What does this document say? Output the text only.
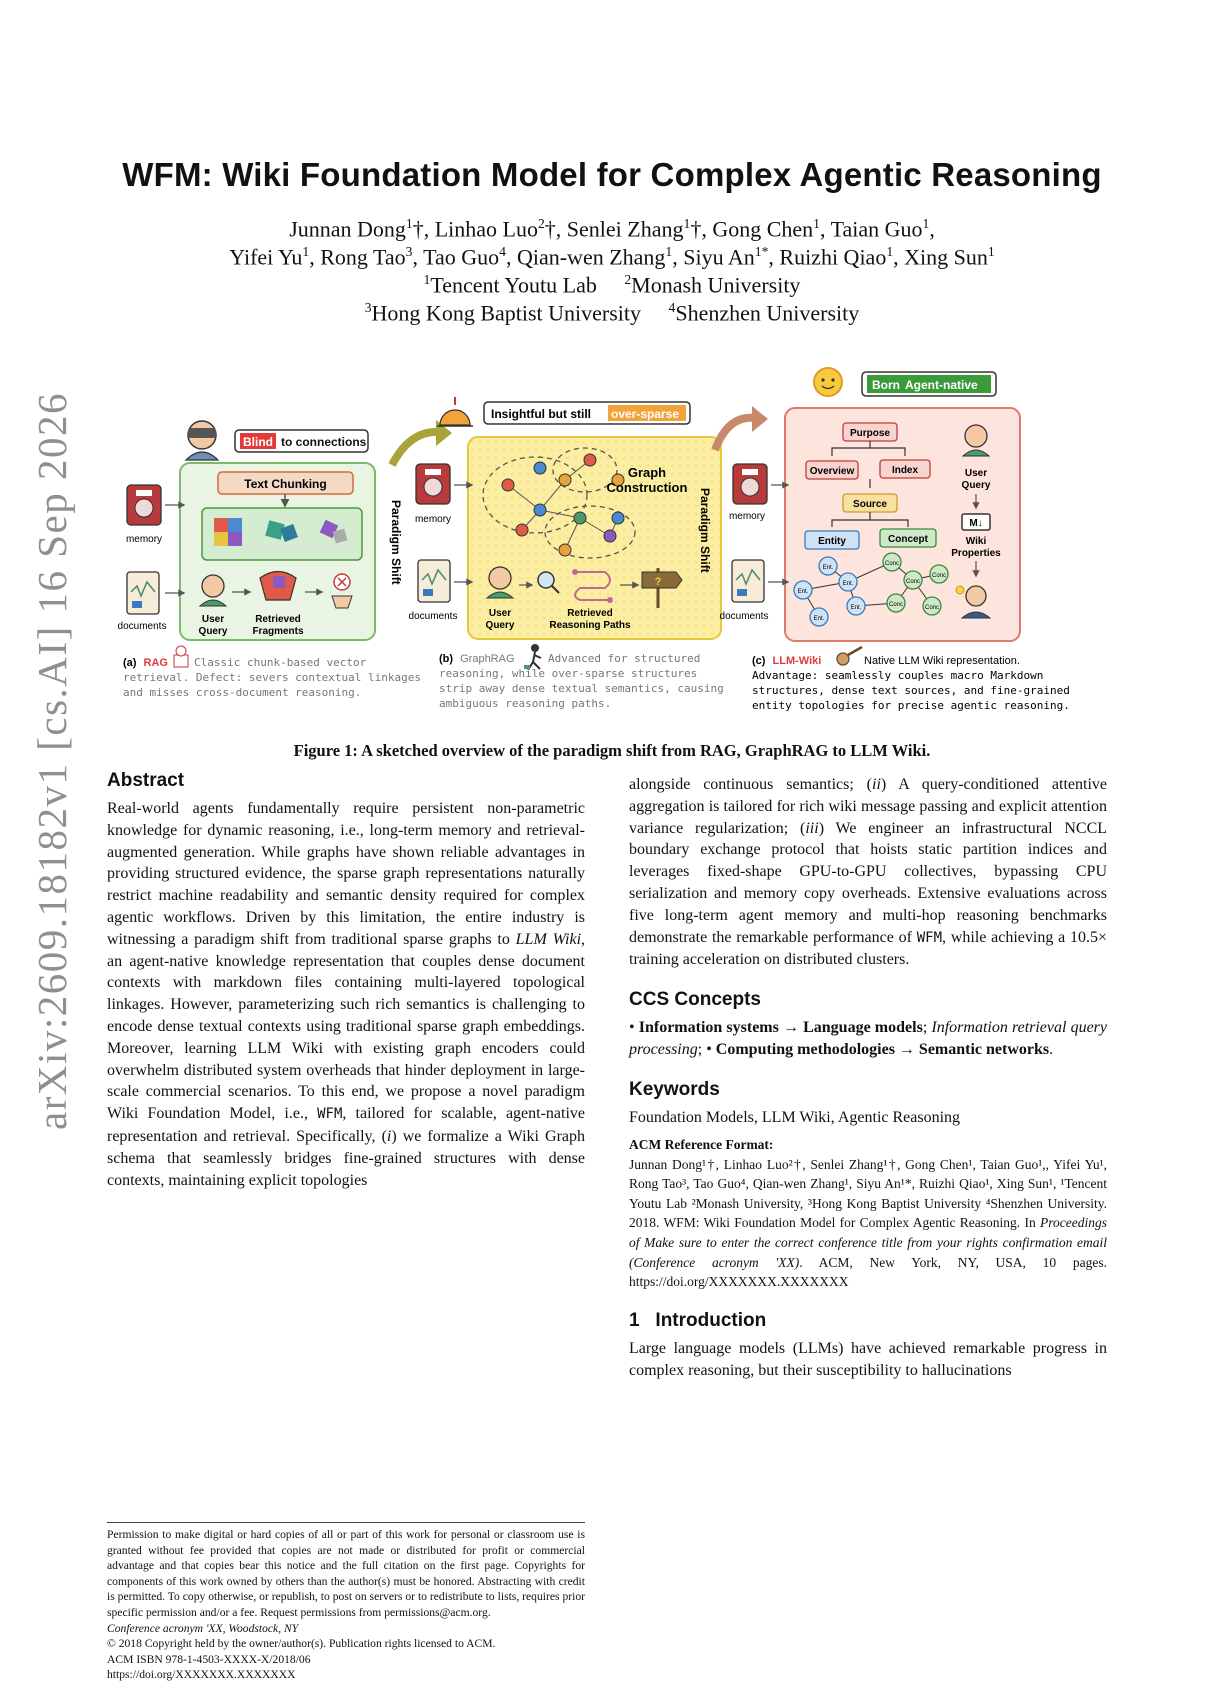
arXiv:2609.18182v1 [cs.AI] 16 Sep 2026
WFM: Wiki Foundation Model for Complex Agentic Reasoning
Junnan Dong$^1$†, Linhao Luo$^2$†, Senlei Zhang$^1$†, Gong Chen$^1$, Taian Guo$^1$,
Yifei Yu$^1$, Rong Tao$^3$, Tao Guo$^4$, Qian-wen Zhang$^1$, Siyu $An^{1*}$, Ruizhi Qiao$^1$, Xing Sun$^1$
$^1$Tencent Youtu Lab $^2$Monash University
$^3$Hong Kong Baptist University $^4$Shenzhen University
Blind to connections
Text Chunking
memory
documents
User
Query
Retrieved
Fragments
(a) RAG Classic chunk-based vector
retrieval. Defect: severs contextual linkages
and misses cross-document reasoning.
Paradigm Shift
Insightful but still over-sparse
Graph
Construction
memory
documents	User
Query
Retrieved
Reasoning Paths
?
(b) GraphRAG	Advanced for structured
reasoning, while over-sparse structures
strip away dense textual semantics, causing
ambiguous reasoning paths.
Paradigm Shift
Born Agent-native
Purpose
Overview	Index
Source
Entity	Concept
Ent.
Ent.
Ent.
Ent.
Ent.
Conc
Conc
Conc
Conc	Conc
User
Query
M↓
Wiki
Properties
memory
documents
(c) LLM-Wiki	Native LLM Wiki representation.
Advantage: seamlessly couples macro Markdown
structures, dense text sources, and fine-grained
entity topologies for precise agentic reasoning.
Figure 1: A sketched overview of the paradigm shift from RAG, GraphRAG to LLM Wiki.
Abstract

Real-world agents fundamentally require persistent non-parametric knowledge for dynamic reasoning, i.e., long-term memory and retrieval-augmented generation. While graphs have shown reliable advantages in providing structured evidence, the sparse graph representations naturally restrict machine readability and semantic density required for complex agentic workflows. Driven by this limitation, the entire industry is witnessing a paradigm shift from traditional sparse graphs to LLM Wiki, an agent-native knowledge representation that couples dense document contexts with markdown files containing multi-layered topological linkages. However, parameterizing such rich semantics is challenging to encode dense textual contexts using traditional sparse graph embeddings. Moreover, learning LLM Wiki with existing graph encoders could overwhelm distributed system overheads that hinder deployment in large-scale commercial scenarios. To this end, we propose a novel paradigm Wiki Foundation Model, i.e., WFM, tailored for scalable, agent-native representation and retrieval. Specifically, (i) we formalize a Wiki Graph schema that seamlessly bridges fine-grained structures with dense contexts, maintaining explicit topologies

Permission to make digital or hard copies of all or part of this work for personal or classroom use is granted without fee provided that copies are not made or distributed for profit or commercial advantage and that copies bear this notice and the full citation on the first page. Copyrights for components of this work owned by others than the author(s) must be honored. Abstracting with credit is permitted. To copy otherwise, or republish, to post on servers or to redistribute to lists, requires prior specific permission and/or a fee. Request permissions from permissions@acm.org.
Conference acronym 'XX, Woodstock, NY
© 2018 Copyright held by the owner/author(s). Publication rights licensed to ACM.
ACM ISBN 978-1-4503-XXXX-X/2018/06
https://doi.org/XXXXXXX.XXXXXXX

alongside continuous semantics; (ii) A query-conditioned attentive aggregation is tailored for rich wiki message passing and explicit attention variance regularization; (iii) We engineer an infrastructural NCCL boundary exchange protocol that hoists static partition indices and leverages fixed-shape GPU-to-GPU collectives, bypassing CPU serialization and memory copy overheads. Extensive evaluations across five long-term agent memory and multi-hop reasoning benchmarks demonstrate the remarkable performance of WFM, while achieving a 10.5× training acceleration on distributed clusters.

CCS Concepts

• Information systems → Language models; Information retrieval query processing; • Computing methodologies → Semantic networks.

Keywords

Foundation Models, LLM Wiki, Agentic Reasoning

ACM Reference Format:

Junnan Dong¹†, Linhao Luo²†, Senlei Zhang¹†, Gong Chen¹, Taian Guo¹,, Yifei Yu¹, Rong Tao³, Tao Guo⁴, Qian-wen Zhang¹, Siyu An¹*, Ruizhi Qiao¹, Xing Sun¹, ¹Tencent Youtu Lab ²Monash University, ³Hong Kong Baptist University ⁴Shenzhen University. 2018. WFM: Wiki Foundation Model for Complex Agentic Reasoning. In Proceedings of Make sure to enter the correct conference title from your rights confirmation email (Conference acronym 'XX). ACM, New York, NY, USA, 10 pages. https://doi.org/XXXXXXX.XXXXXXX

1 Introduction

Large language models (LLMs) have achieved remarkable progress in complex reasoning, but their susceptibility to hallucinations
